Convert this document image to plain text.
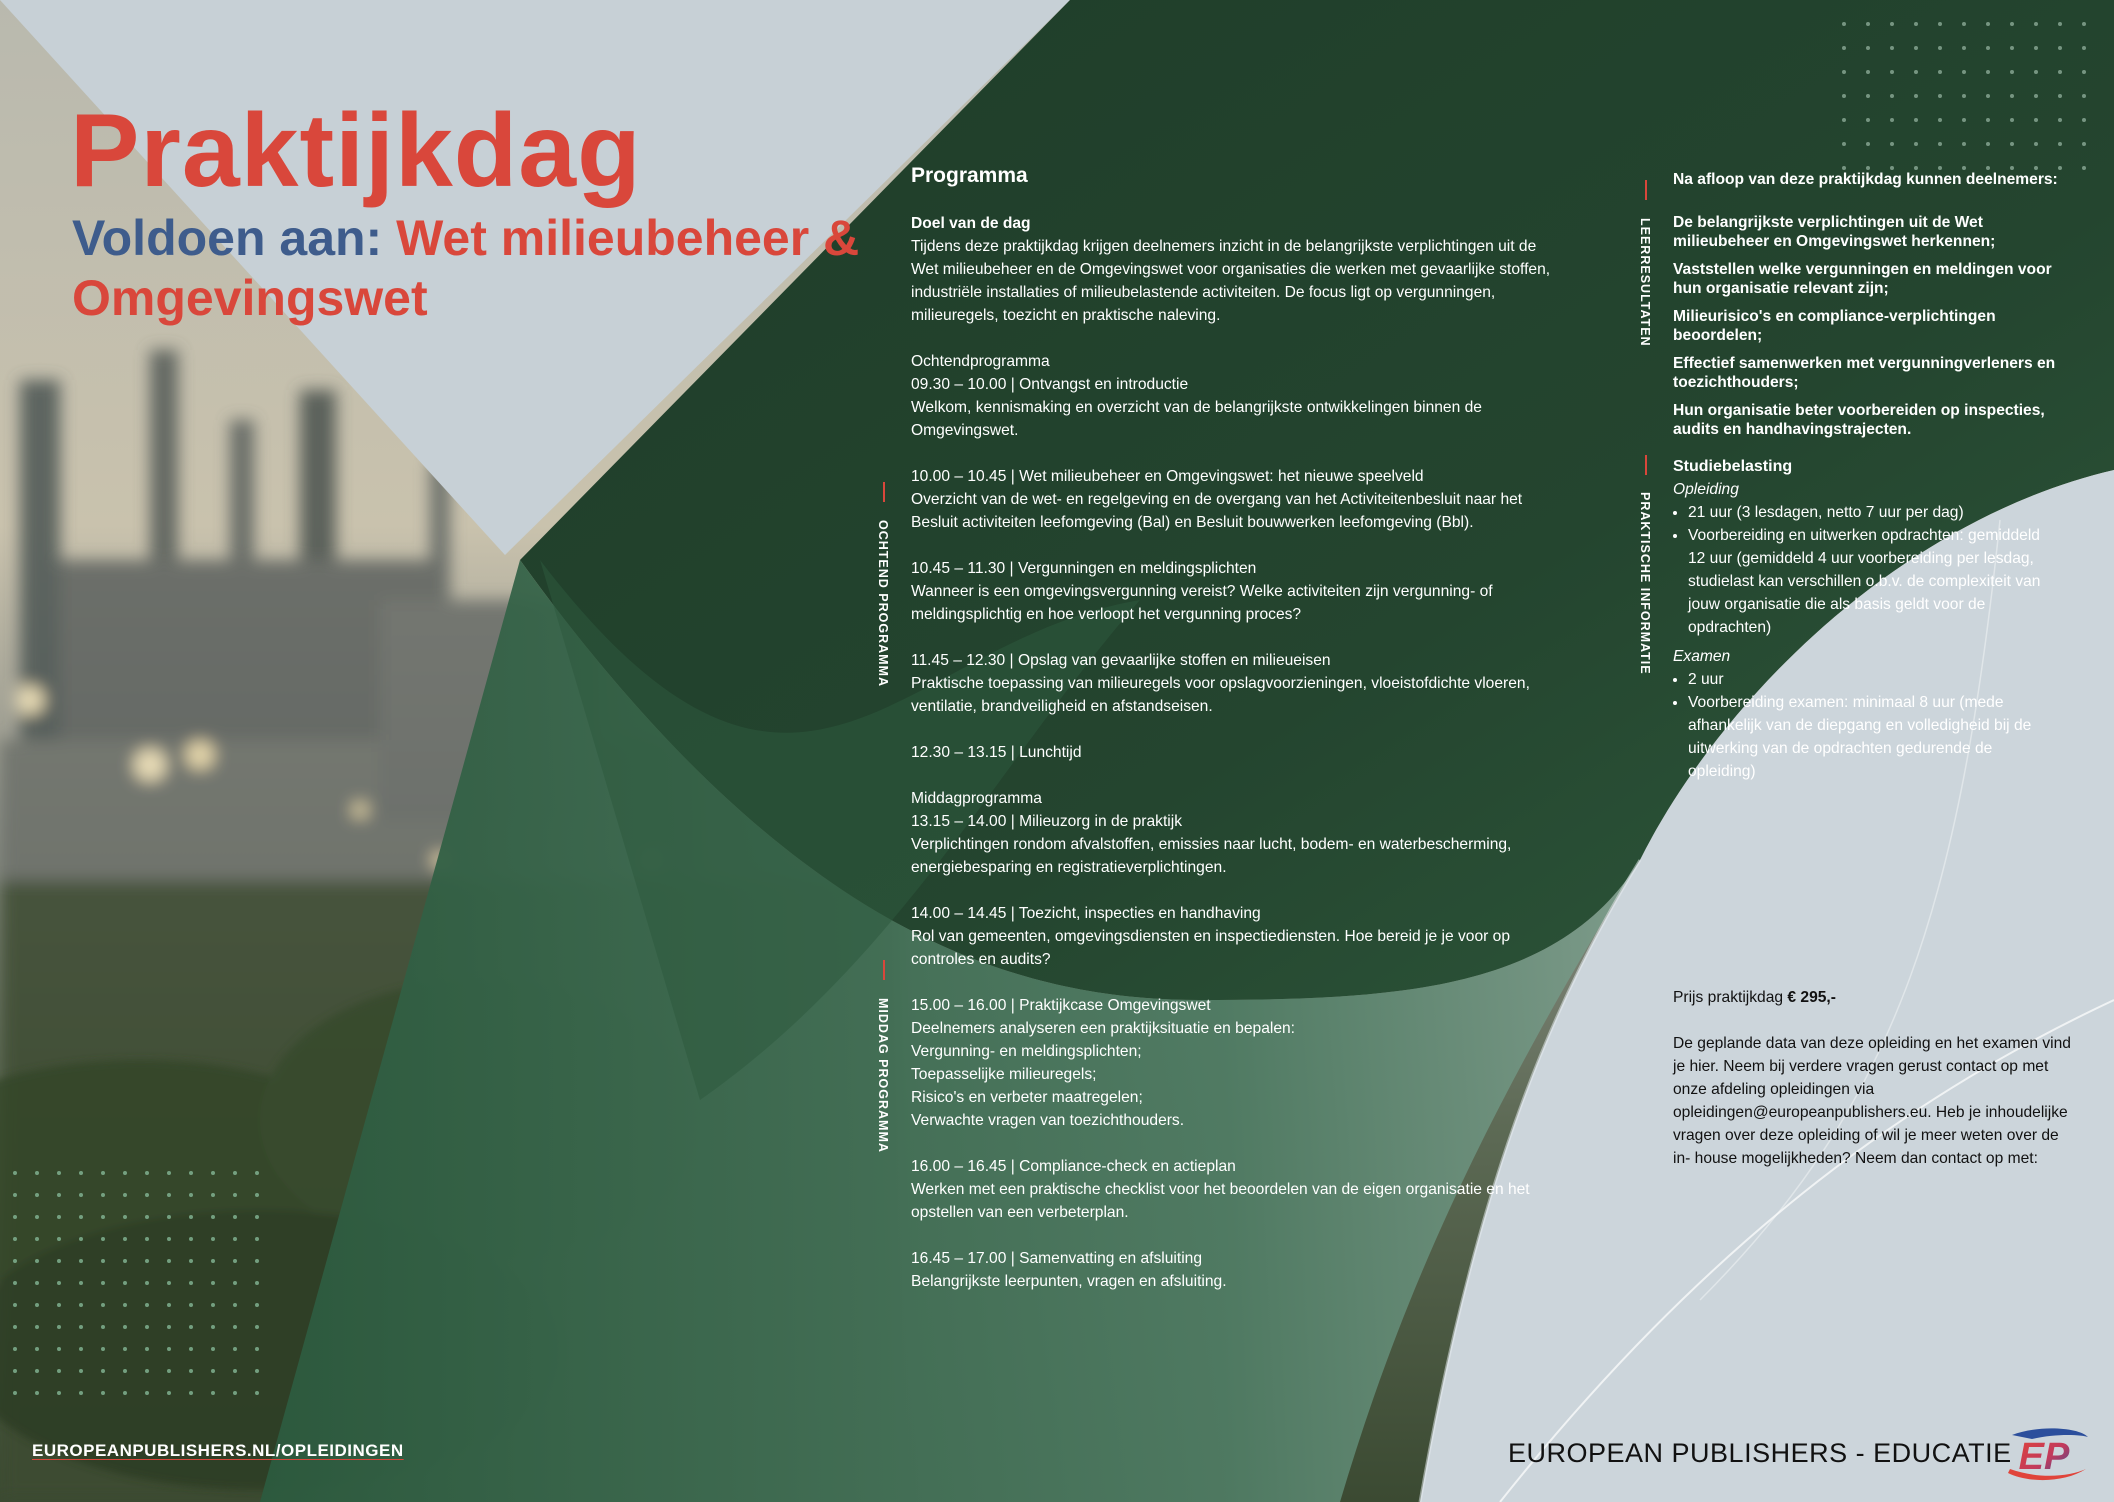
Praktijkdag
Voldoen aan: Wet milieubeheer & Omgevingswet
OCHTEND PROGRAMMA
MIDDAG PROGRAMMA
LEERRESULTATEN
PRAKTISCHE INFORMATIE
Programma

Doel van de dag

Tijdens deze praktijkdag krijgen deelnemers inzicht in de belangrijkste verplichtingen uit de Wet milieubeheer en de Omgevingswet voor organisaties die werken met gevaarlijke stoffen, industriële installaties of milieubelastende activiteiten. De focus ligt op vergunningen, milieuregels, toezicht en praktische naleving.

Ochtendprogramma

09.30 – 10.00 | Ontvangst en introductie

Welkom, kennismaking en overzicht van de belangrijkste ontwikkelingen binnen de Omgevingswet.

10.00 – 10.45 | Wet milieubeheer en Omgevingswet: het nieuwe speelveld

Overzicht van de wet- en regelgeving en de overgang van het Activiteitenbesluit naar het Besluit activiteiten leefomgeving (Bal) en Besluit bouwwerken leefomgeving (Bbl).

10.45 – 11.30 | Vergunningen en meldingsplichten

Wanneer is een omgevingsvergunning vereist? Welke activiteiten zijn vergunning- of meldingsplichtig en hoe verloopt het vergunning proces?

11.45 – 12.30 | Opslag van gevaarlijke stoffen en milieueisen

Praktische toepassing van milieuregels voor opslagvoorzieningen, vloeistofdichte vloeren, ventilatie, brandveiligheid en afstandseisen.

12.30 – 13.15 | Lunchtijd

Middagprogramma

13.15 – 14.00 | Milieuzorg in de praktijk

Verplichtingen rondom afvalstoffen, emissies naar lucht, bodem- en waterbescherming, energiebesparing en registratieverplichtingen.

14.00 – 14.45 | Toezicht, inspecties en handhaving

Rol van gemeenten, omgevingsdiensten en inspectiediensten. Hoe bereid je je voor op controles en audits?

15.00 – 16.00 | Praktijkcase Omgevingswet

Deelnemers analyseren een praktijksituatie en bepalen:

Vergunning- en meldingsplichten;

Toepasselijke milieuregels;

Risico's en verbeter maatregelen;

Verwachte vragen van toezichthouders.

16.00 – 16.45 | Compliance-check en actieplan

Werken met een praktische checklist voor het beoordelen van de eigen organisatie en het opstellen van een verbeterplan.

16.45 – 17.00 | Samenvatting en afsluiting

Belangrijkste leerpunten, vragen en afsluiting.

Na afloop van deze praktijkdag kunnen deelnemers:

De belangrijkste verplichtingen uit de Wet milieubeheer en Omgevingswet herkennen;

Vaststellen welke vergunningen en meldingen voor hun organisatie relevant zijn;

Milieurisico's en compliance-verplichtingen beoordelen;

Effectief samenwerken met vergunningverleners en toezichthouders;

Hun organisatie beter voorbereiden op inspecties, audits en handhavingstrajecten.

Studiebelasting
Opleiding
• 21 uur (3 lesdagen, netto 7 uur per dag)
• Voorbereiding en uitwerken opdrachten: gemiddeld 12 uur (gemiddeld 4 uur voorbereiding per lesdag, studielast kan verschillen o.b.v. de complexiteit van jouw organisatie die als basis geldt voor de opdrachten)
Examen
• 2 uur
• Voorbereiding examen: minimaal 8 uur (mede afhankelijk van de diepgang en volledigheid bij de uitwerking van de opdrachten gedurende de opleiding)

Prijs praktijkdag € 295,-

De geplande data van deze opleiding en het examen vind je hier. Neem bij verdere vragen gerust contact op met onze afdeling opleidingen via opleidingen@europeanpublishers.eu. Heb je inhoudelijke vragen over deze opleiding of wil je meer weten over de in- house mogelijkheden? Neem dan contact op met:

EUROPEANPUBLISHERS.NL/OPLEIDINGEN	EUROPEAN PUBLISHERS - EDUCATIE EP
